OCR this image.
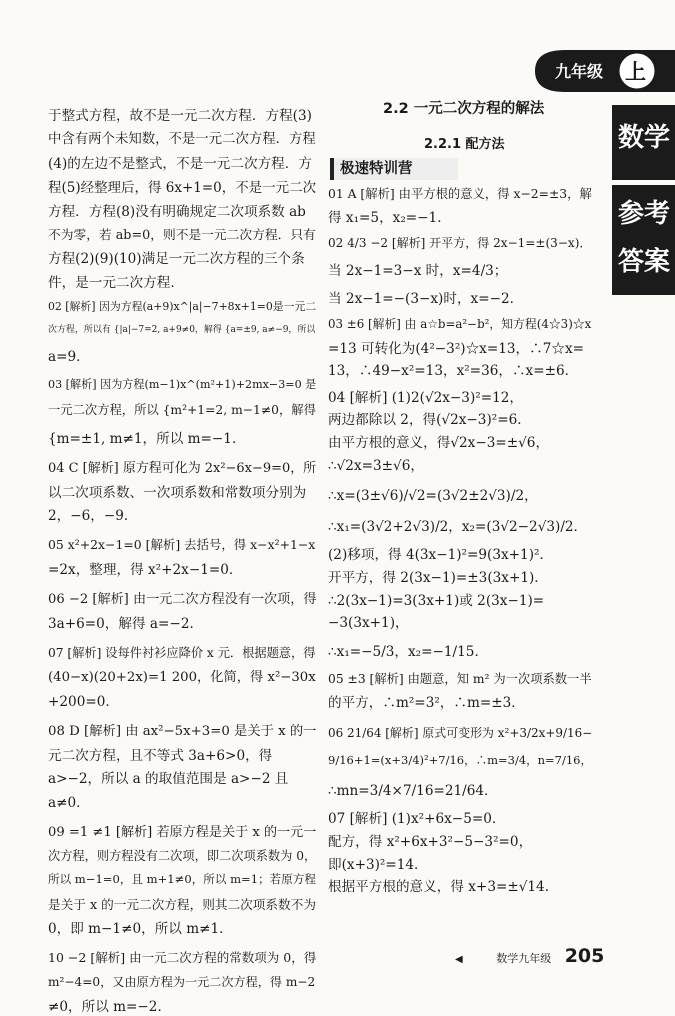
九年级 上
数 学
参 考
答 案
于整式方程，故不是一元二次方程．方程(3)
中含有两个未知数，不是一元二次方程．方程
(4)的左边不是整式，不是一元二次方程．方
程(5)经整理后，得 6x+1=0，不是一元二次
方程．方程(8)没有明确规定二次项系数 ab
不为零，若 ab=0，则不是一元二次方程．只有
方程(2)(9)(10)满足一元二次方程的三个条
件，是一元二次方程．
02 [解析] 因为方程(a+9)x^|a|−7+8x+1=0是一元二
次方程，所以有 {|a|−7=2, a+9≠0，解得 {a=±9, a≠−9，所以
a=9．
03 [解析] 因为方程(m−1)x^(m²+1)+2mx−3=0 是
一元二次方程，所以 {m²+1=2, m−1≠0，解得
{m=±1, m≠1，所以 m=−1．
04 C [解析] 原方程可化为 2x²−6x−9=0，所
以二次项系数、一次项系数和常数项分别为
2，−6，−9．
05 x²+2x−1=0 [解析] 去括号，得 x−x²+1−x
=2x，整理，得 x²+2x−1=0．
06 −2 [解析] 由一元二次方程没有一次项，得
3a+6=0，解得 a=−2．
07 [解析] 设每件衬衫应降价 x 元．根据题意，得
(40−x)(20+2x)=1 200，化简，得 x²−30x
+200=0．
08 D [解析] 由 ax²−5x+3=0 是关于 x 的一
元二次方程，且不等式 3a+6>0，得
a>−2，所以 a 的取值范围是 a>−2 且
a≠0．
09 =1 ≠1 [解析] 若原方程是关于 x 的一元一
次方程，则方程没有二次项，即二次项系数为 0，
所以 m−1=0，且 m+1≠0，所以 m=1；若原方程
是关于 x 的一元二次方程，则其二次项系数不为
0，即 m−1≠0，所以 m≠1．
10 −2 [解析] 由一元二次方程的常数项为 0，得
m²−4=0，又由原方程为一元二次方程，得 m−2
≠0，所以 m=−2．
2.2 一元二次方程的解法
2.2.1 配方法
极速特训营
01 A [解析] 由平方根的意义，得 x−2=±3，解
得 x₁=5，x₂=−1．
02 4/3 −2 [解析] 开平方，得 2x−1=±(3−x)．
当 2x−1=3−x 时，x=4/3；
当 2x−1=−(3−x)时，x=−2．
03 ±6 [解析] 由 a☆b=a²−b²，知方程(4☆3)☆x
=13 可转化为(4²−3²)☆x=13，∴7☆x=
13，∴49−x²=13，x²=36，∴x=±6．
04 [解析] (1)2(√2x−3)²=12，
两边都除以 2，得(√2x−3)²=6．
由平方根的意义，得√2x−3=±√6，
∴√2x=3±√6，
∴x=(3±√6)/√2=(3√2±2√3)/2，
∴x₁=(3√2+2√3)/2，x₂=(3√2−2√3)/2．
(2)移项，得 4(3x−1)²=9(3x+1)²．
开平方，得 2(3x−1)=±3(3x+1)．
∴2(3x−1)=3(3x+1)或 2(3x−1)=
−3(3x+1)，
∴x₁=−5/3，x₂=−1/15．
05 ±3 [解析] 由题意，知 m² 为一次项系数一半
的平方，∴m²=3²，∴m=±3．
06 21/64 [解析] 原式可变形为 x²+3/2x+9/16−
9/16+1=(x+3/4)²+7/16，∴m=3/4，n=7/16，
∴mn=3/4×7/16=21/64．
07 [解析] (1)x²+6x−5=0．
配方，得 x²+6x+3²−5−3²=0，
即(x+3)²=14．
根据平方根的意义，得 x+3=±√14．
◀	数学九年级 205
